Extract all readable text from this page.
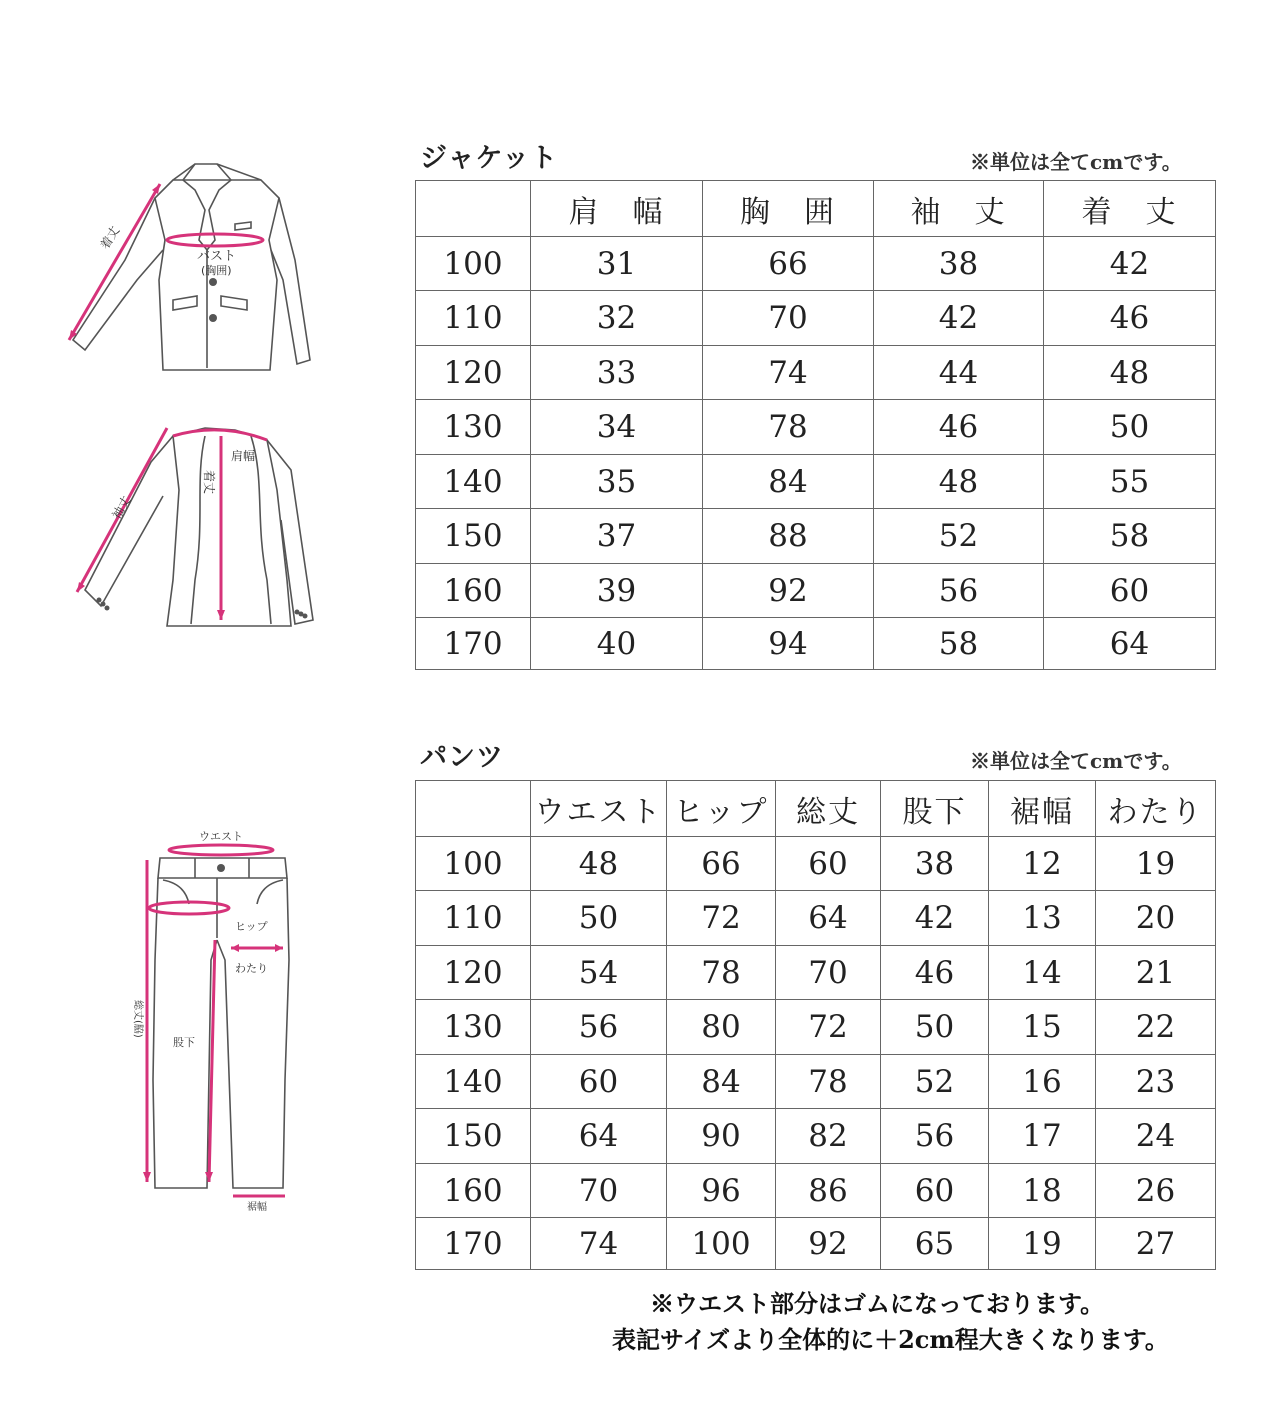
ジャケット	※単位は全てcmです。
	肩　幅	胸　囲	袖　丈	着　丈
100	31	66	38	42
110	32	70	42	46
120	33	74	44	48
130	34	78	46	50
140	35	84	48	55
150	37	88	52	58
160	39	92	56	60
170	40	94	58	64
着丈
バスト
(胸囲)
肩幅
着丈
袖丈
パンツ	※単位は全てcmです。
	ウエスト	ヒップ	総丈	股下	裾幅	わたり
100	48	66	60	38	12	19
110	50	72	64	42	13	20
120	54	78	70	46	14	21
130	56	80	72	50	15	22
140	60	84	78	52	16	23
150	64	90	82	56	17	24
160	70	96	86	60	18	26
170	74	100	92	65	19	27
ウエスト
ヒップ
わたり
総丈(脇)
股下
裾幅
※ウエスト部分はゴムになっております。
表記サイズより全体的に＋2cm程大きくなります。
